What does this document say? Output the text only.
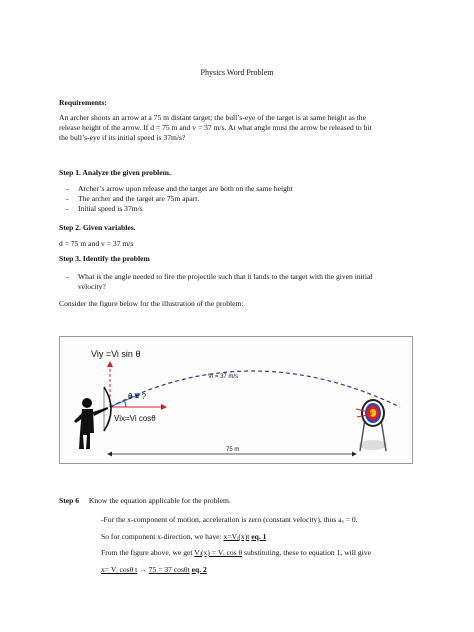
Physics Word Problem
Requirements:
An archer shoots an arrow at a 75 m distant target; the bull’s-eye of the target is at same height as the
release height of the arrow. If d = 75 m and v = 37 m/s. At what angle must the arrow be released to hit
the bull’s-eye if its initial speed is 37m/s?
Step 1. Analyze the given problem.
- Archer’s arrow upon release and the target are both on the same height
- The archer and the target are 75m apart.
- Initial speed is 37m/s
Step 2. Given variables.
d = 75 m and v = 37 m/s
Step 3. Identify the problem
- What is the angle needed to fire the projectile such that it lands to the target with the given initial
velocity?
Consider the figure below for the illustration of the problem:
Viy =Vi sin θ
Vi = 37 m/s
θ = ?
Vix=Vi cosθ
75 m
Step 6 Know the equation applicable for the problem.
-For the x-component of motion, acceleration is zero (constant velocity), thus aₓ = 0.
So for component x-direction, we have: x=Vᵢ(x)t eq. 1
From the figure above, we get Vᵢ(x) = Vᵢ cos θ substituting, these to equation 1, will give
x= Vᵢ cosθ t → 75 = 37 cosθt eq. 2
